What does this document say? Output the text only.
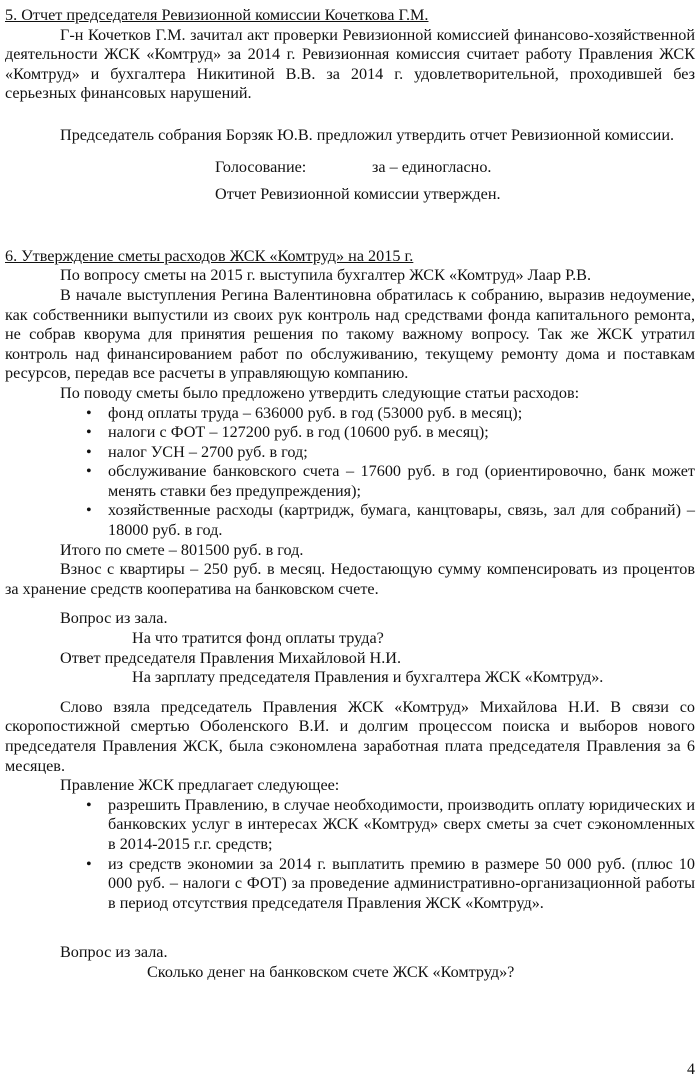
5. Отчет председателя Ревизионной комиссии Кочеткова Г.М.

Г-н Кочетков Г.М. зачитал акт проверки Ревизионной комиссией финансово-хозяйственной деятельности ЖСК «Комтруд» за 2014 г. Ревизионная комиссия считает работу Правления ЖСК «Комтруд» и бухгалтера Никитиной В.В. за 2014 г. удовлетворительной, проходившей без серьезных финансовых нарушений.

Председатель собрания Борзяк Ю.В. предложил утвердить отчет Ревизионной комиссии.

Голосование:	за – единогласно.

Отчет Ревизионной комиссии утвержден.

6. Утверждение сметы расходов ЖСК «Комтруд» на 2015 г.

По вопросу сметы на 2015 г. выступила бухгалтер ЖСК «Комтруд» Лаар Р.В.

В начале выступления Регина Валентиновна обратилась к собранию, выразив недоумение, как собственники выпустили из своих рук контроль над средствами фонда капитального ремонта, не собрав кворума для принятия решения по такому важному вопросу. Так же ЖСК утратил контроль над финансированием работ по обслуживанию, текущему ремонту дома и поставкам ресурсов, передав все расчеты в управляющую компанию.

По поводу сметы было предложено утвердить следующие статьи расходов:

• фонд оплаты труда – 636000 руб. в год (53000 руб. в месяц);
• налоги с ФОТ – 127200 руб. в год (10600 руб. в месяц);
• налог УСН – 2700 руб. в год;
• обслуживание банковского счета – 17600 руб. в год (ориентировочно, банк может менять ставки без предупреждения);
• хозяйственные расходы (картридж, бумага, канцтовары, связь, зал для собраний) – 18000 руб. в год.

Итого по смете – 801500 руб. в год.

Взнос с квартиры – 250 руб. в месяц. Недостающую сумму компенсировать из процентов за хранение средств кооператива на банковском счете.

Вопрос из зала.

На что тратится фонд оплаты труда?

Ответ председателя Правления Михайловой Н.И.

На зарплату председателя Правления и бухгалтера ЖСК «Комтруд».

Слово взяла председатель Правления ЖСК «Комтруд» Михайлова Н.И. В связи со скоропостижной смертью Оболенского В.И. и долгим процессом поиска и выборов нового председателя Правления ЖСК, была сэкономлена заработная плата председателя Правления за 6 месяцев.

Правление ЖСК предлагает следующее:

• разрешить Правлению, в случае необходимости, производить оплату юридических и банковских услуг в интересах ЖСК «Комтруд» сверх сметы за счет сэкономленных в 2014-2015 г.г. средств;
• из средств экономии за 2014 г. выплатить премию в размере 50 000 руб. (плюс 10 000 руб. – налоги с ФОТ) за проведение административно-организационной работы в период отсутствия председателя Правления ЖСК «Комтруд».

Вопрос из зала.

Сколько денег на банковском счете ЖСК «Комтруд»?

4
